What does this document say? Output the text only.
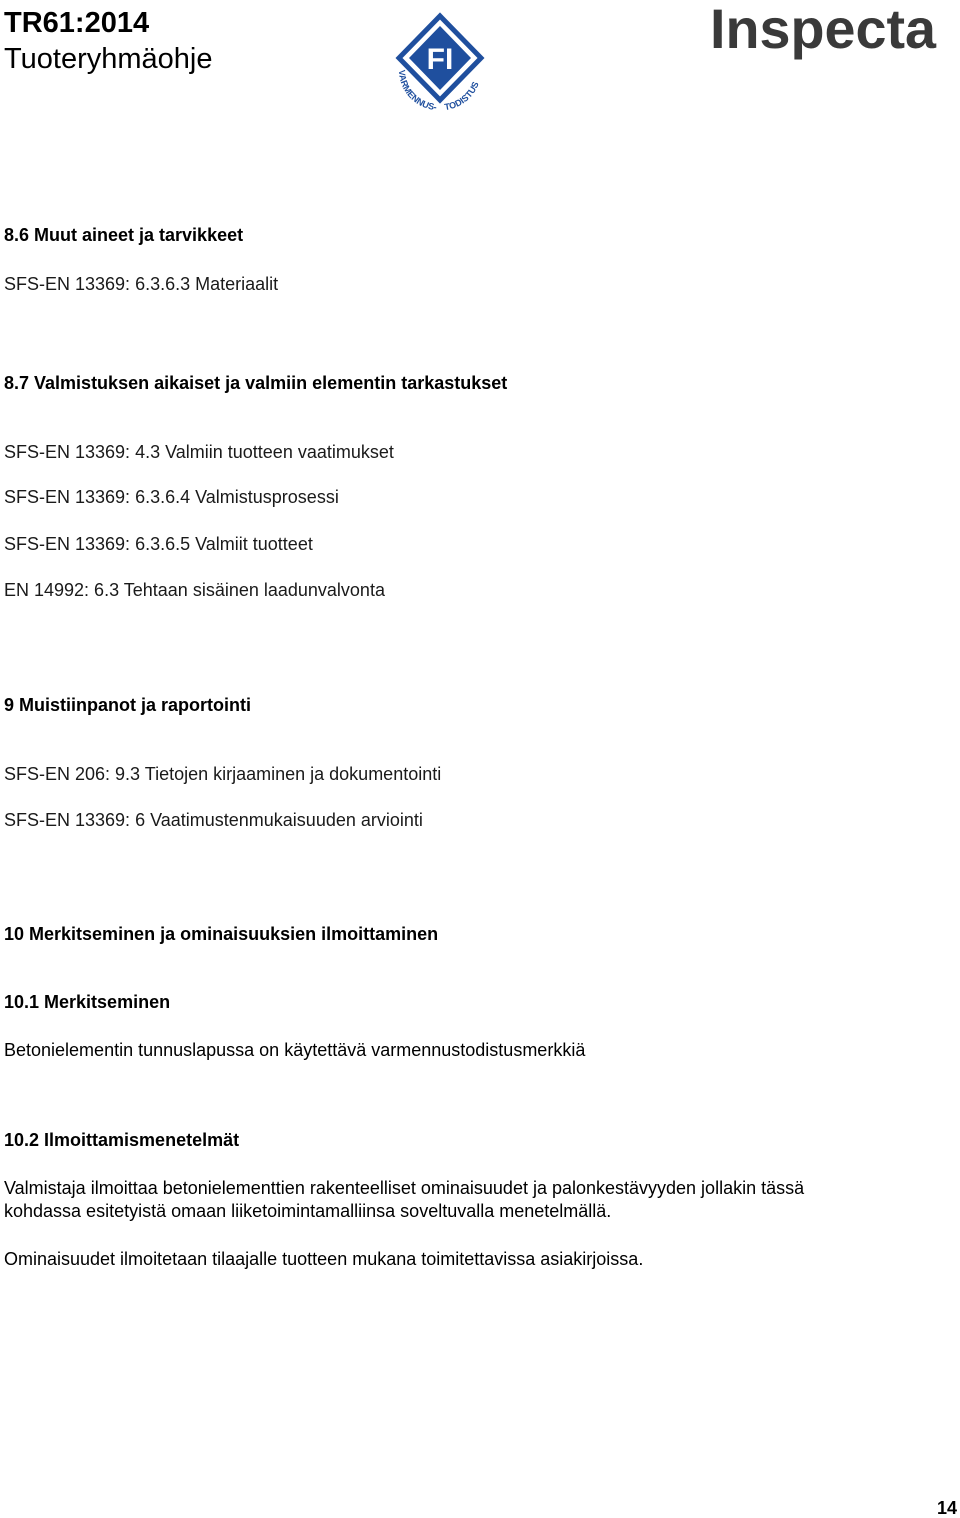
TR61:2014
Tuoteryhmäohje	FI
VARMENNUS- TODISTUS
Inspecta
8.6 Muut aineet ja tarvikkeet
SFS-EN 13369: 6.3.6.3 Materiaalit
8.7 Valmistuksen aikaiset ja valmiin elementin tarkastukset
SFS-EN 13369: 4.3 Valmiin tuotteen vaatimukset
SFS-EN 13369: 6.3.6.4 Valmistusprosessi
SFS-EN 13369: 6.3.6.5 Valmiit tuotteet
EN 14992: 6.3 Tehtaan sisäinen laadunvalvonta
9 Muistiinpanot ja raportointi
SFS-EN 206: 9.3 Tietojen kirjaaminen ja dokumentointi
SFS-EN 13369: 6 Vaatimustenmukaisuuden arviointi
10 Merkitseminen ja ominaisuuksien ilmoittaminen
10.1 Merkitseminen
Betonielementin tunnuslapussa on käytettävä varmennustodistusmerkkiä
10.2 Ilmoittamismenetelmät
Valmistaja ilmoittaa betonielementtien rakenteelliset ominaisuudet ja palonkestävyyden jollakin tässä
kohdassa esitetyistä omaan liiketoimintamalliinsa soveltuvalla menetelmällä.
Ominaisuudet ilmoitetaan tilaajalle tuotteen mukana toimitettavissa asiakirjoissa.
14
